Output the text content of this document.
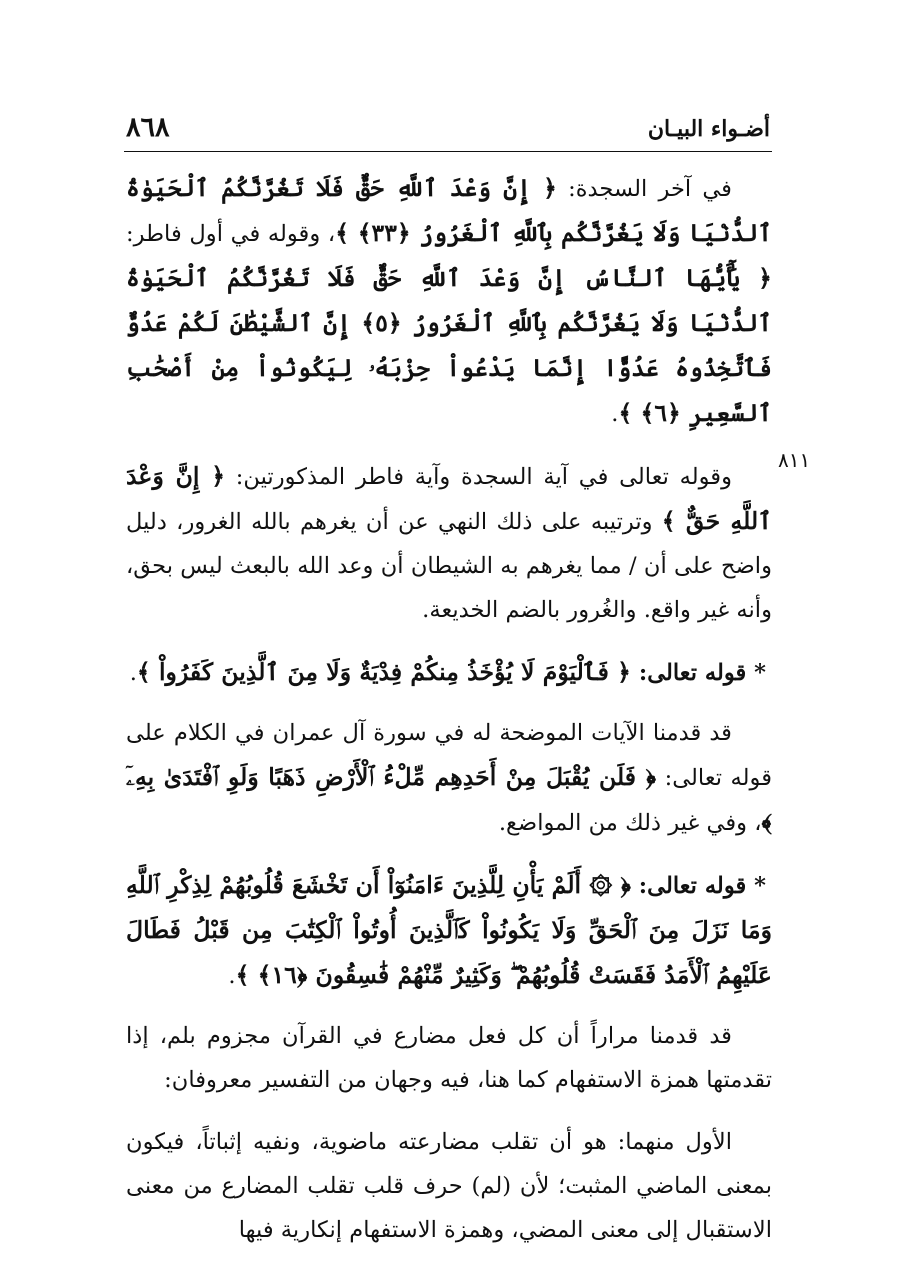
أضـواء البيـان
٨٦٨

في آخر السجدة: ﴿ إِنَّ وَعْدَ ٱللَّهِ حَقٌّ فَلَا تَغُرَّنَّكُمُ ٱلْحَيَوٰةُ ٱلدُّنْيَا وَلَا يَغُرَّنَّكُم بِٱللَّهِ ٱلْغَرُورُ ﴿٣٣﴾ ﴾، وقوله في أول فاطر: ﴿ يَٰٓأَيُّهَا ٱلنَّاسُ إِنَّ وَعْدَ ٱللَّهِ حَقٌّ فَلَا تَغُرَّنَّكُمُ ٱلْحَيَوٰةُ ٱلدُّنْيَا وَلَا يَغُرَّنَّكُم بِٱللَّهِ ٱلْغَرُورُ ﴿٥﴾ إِنَّ ٱلشَّيْطَٰنَ لَكُمْ عَدُوٌّ فَٱتَّخِذُوهُ عَدُوًّا إِنَّمَا يَدْعُواْ حِزْبَهُۥ لِيَكُونُواْ مِنْ أَصْحَٰبِ ٱلسَّعِيرِ ﴿٦﴾ ﴾.

وقوله تعالى في آية السجدة وآية فاطر المذكورتين: ﴿ إِنَّ وَعْدَ ٱللَّهِ حَقٌّ ﴾ وترتيبه على ذلك النهي عن أن يغرهم بالله الغرور، دليل واضح على أن / مما يغرهم به الشيطان أن وعد الله بالبعث ليس بحق، وأنه غير واقع. والغُرور بالضم الخديعة.

* قوله تعالى: ﴿ فَٱلْيَوْمَ لَا يُؤْخَذُ مِنكُمْ فِدْيَةٌ وَلَا مِنَ ٱلَّذِينَ كَفَرُواْ ﴾.

قد قدمنا الآيات الموضحة له في سورة آل عمران في الكلام على قوله تعالى: ﴿ فَلَن يُقْبَلَ مِنْ أَحَدِهِم مِّلْءُ ٱلْأَرْضِ ذَهَبًا وَلَوِ ٱفْتَدَىٰ بِهِۦٓ ﴾، وفي غير ذلك من المواضع.

* قوله تعالى: ﴿ ۞ أَلَمْ يَأْنِ لِلَّذِينَ ءَامَنُوٓاْ أَن تَخْشَعَ قُلُوبُهُمْ لِذِكْرِ ٱللَّهِ وَمَا نَزَلَ مِنَ ٱلْحَقِّ وَلَا يَكُونُواْ كَٱلَّذِينَ أُوتُواْ ٱلْكِتَٰبَ مِن قَبْلُ فَطَالَ عَلَيْهِمُ ٱلْأَمَدُ فَقَسَتْ قُلُوبُهُمْ ۖ وَكَثِيرٌ مِّنْهُمْ فَٰسِقُونَ ﴿١٦﴾ ﴾.

قد قدمنا مراراً أن كل فعل مضارع في القرآن مجزوم بلم، إذا تقدمتها همزة الاستفهام كما هنا، فيه وجهان من التفسير معروفان:

الأول منهما: هو أن تقلب مضارعته ماضوية، ونفيه إثباتاً، فيكون بمعنى الماضي المثبت؛ لأن (لم) حرف قلب تقلب المضارع من معنى الاستقبال إلى معنى المضي، وهمزة الاستفهام إنكارية فيها

٨١١
